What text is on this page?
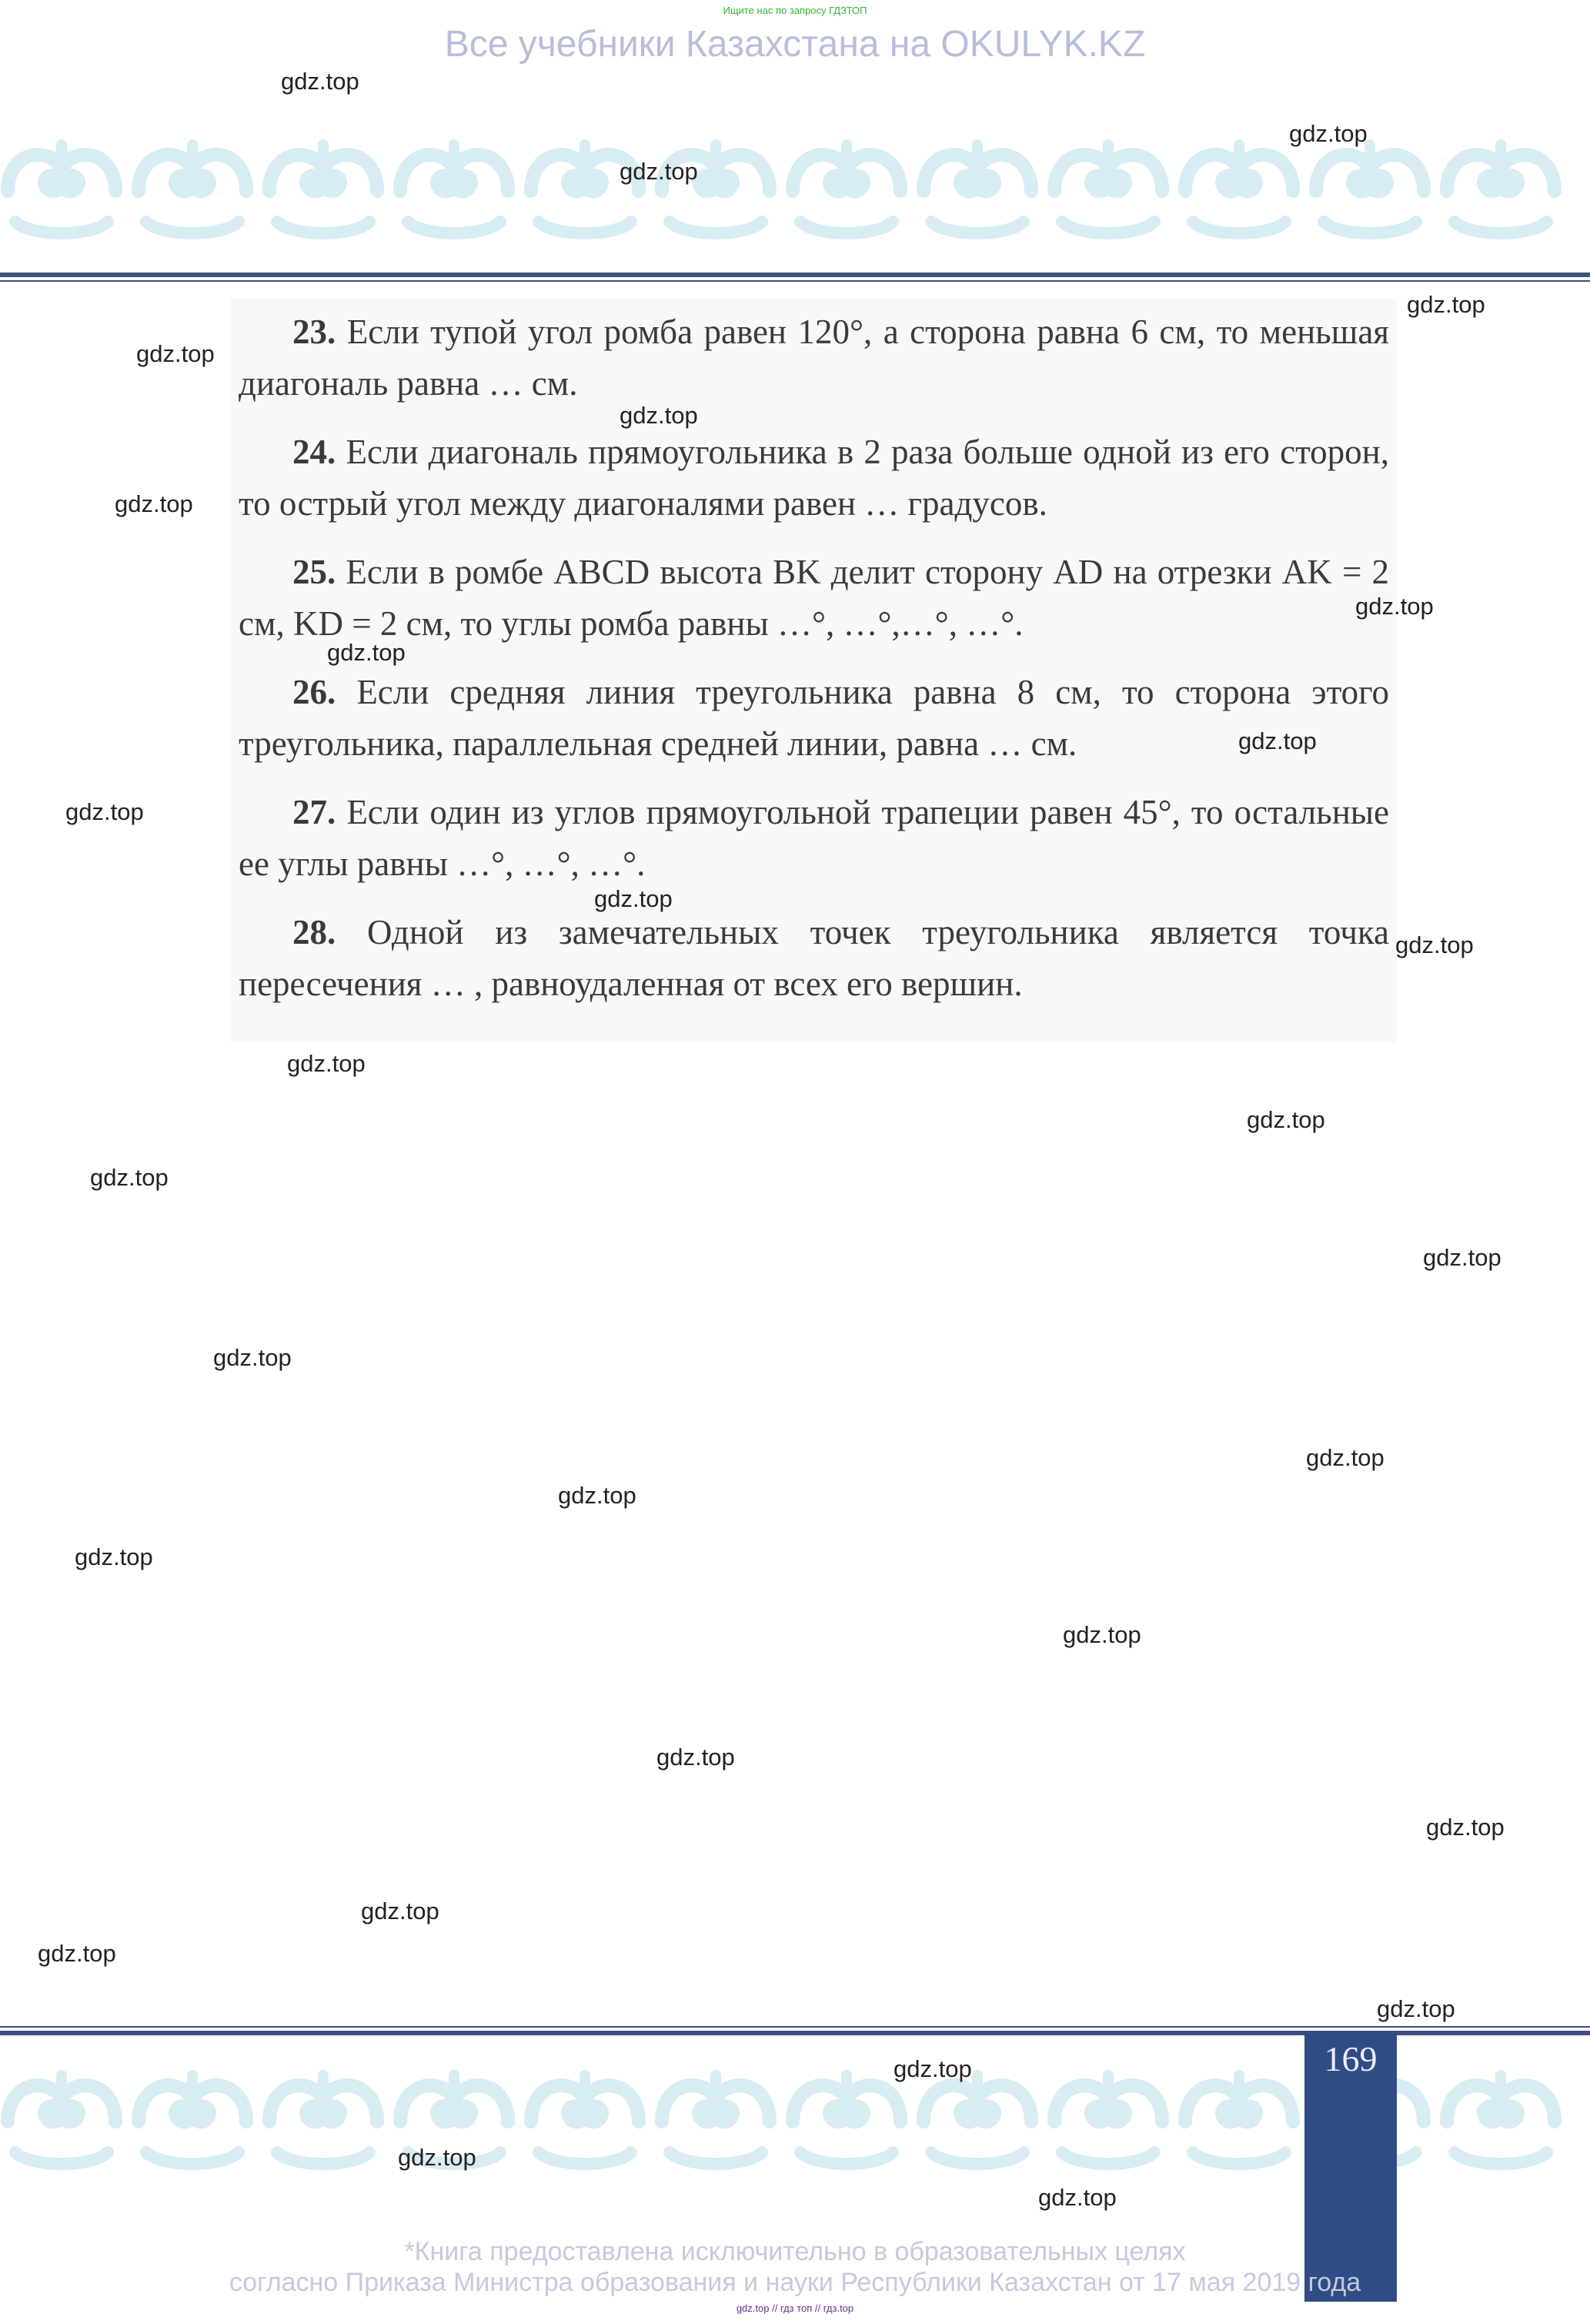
Ищите нас по запросу ГДЗТОП
Все учебники Казахстана на OKULYK.KZ

23. Если тупой угол ромба равен 120°, а сторона равна 6 см, то меньшая диагональ равна … см.

24. Если диагональ прямоугольника в 2 раза больше одной из его сторон, то острый угол между диагоналями равен … градусов.

25. Если в ромбе ABCD высота BK делит сторону AD на отрезки AK = 2 см, KD = 2 см, то углы ромба равны …°, …°,…°, …°.

26. Если средняя линия треугольника равна 8 см, то сторона этого треугольника, параллельная средней линии, равна … см.

27. Если один из углов прямоугольной трапеции равен 45°, то остальные ее углы равны …°, …°, …°.

28. Одной из замечательных точек треугольника является точка пересечения … , равноудаленная от всех его вершин.

gdz.top
gdz.top
gdz.top
gdz.top
gdz.top
gdz.top
gdz.top
gdz.top
gdz.top
gdz.top
gdz.top
gdz.top
gdz.top
gdz.top
gdz.top
gdz.top
gdz.top
gdz.top
gdz.top
gdz.top
gdz.top
gdz.top
gdz.top
gdz.top
gdz.top
gdz.top
gdz.top
169
gdz.top
gdz.top
gdz.top
*Книга предоставлена исключительно в образовательных целях
согласно Приказа Министра образования и науки Республики Казахстан от 17 мая 2019 года
gdz.top // гдз топ // гдз.top
